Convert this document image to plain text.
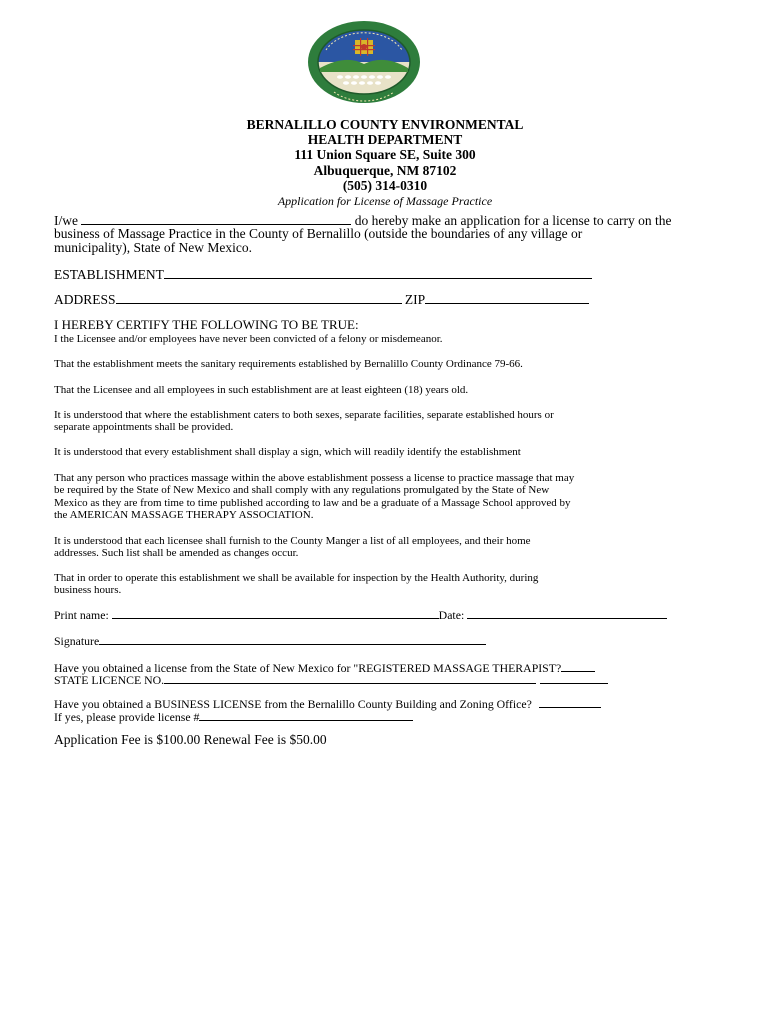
BERNALILLO COUNTY ENVIRONMENTAL
HEALTH DEPARTMENT
111 Union Square SE, Suite 300
Albuquerque, NM 87102
(505) 314-0310
Application for License of Massage Practice
I/we	do hereby make an application for a license to carry on the
business of Massage Practice in the County of Bernalillo (outside the boundaries of any village or
municipality), State of New Mexico.
ESTABLISHMENT
ADDRESS	ZIP
I HEREBY CERTIFY THE FOLLOWING TO BE TRUE:
I the Licensee and/or employees have never been convicted of a felony or misdemeanor.
That the establishment meets the sanitary requirements established by Bernalillo County Ordinance 79-66.
That the Licensee and all employees in such establishment are at least eighteen (18) years old.
It is understood that where the establishment caters to both sexes, separate facilities, separate established hours or
separate appointments shall be provided.
It is understood that every establishment shall display a sign, which will readily identify the establishment
That any person who practices massage within the above establishment possess a license to practice massage that may
be required by the State of New Mexico and shall comply with any regulations promulgated by the State of New
Mexico as they are from time to time published according to law and be a graduate of a Massage School approved by
the AMERICAN MASSAGE THERAPY ASSOCIATION.
It is understood that each licensee shall furnish to the County Manger a list of all employees, and their home
addresses. Such list shall be amended as changes occur.
That in order to operate this establishment we shall be available for inspection by the Health Authority, during
business hours.
Print name:	Date:
Signature
Have you obtained a license from the State of New Mexico for "REGISTERED MASSAGE THERAPIST?
STATE LICENCE NO.
Have you obtained a BUSINESS LICENSE from the Bernalillo County Building and Zoning Office?
If yes, please provide license #
Application Fee is $100.00 Renewal Fee is $50.00
